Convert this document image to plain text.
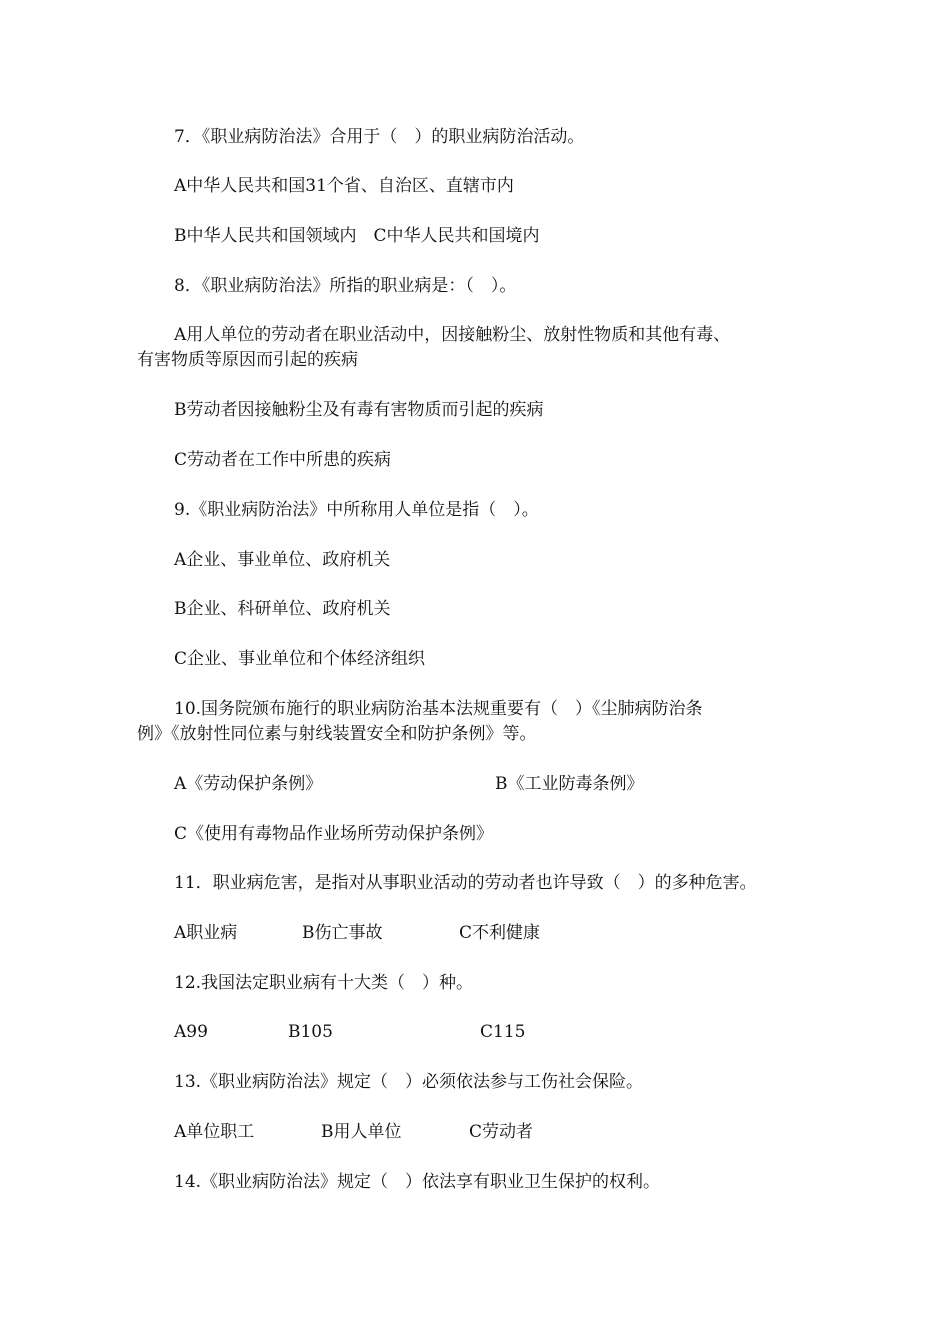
7．《职业病防治法》合用于（　）的职业病防治活动。
A中华人民共和国31个省、自治区、直辖市内
B中华人民共和国领域内　C中华人民共和国境内
8．《职业病防治法》所指的职业病是：（　）。
A用人单位的劳动者在职业活动中，因接触粉尘、放射性物质和其他有毒、
有害物质等原因而引起的疾病
B劳动者因接触粉尘及有毒有害物质而引起的疾病
C劳动者在工作中所患的疾病
9.《职业病防治法》中所称用人单位是指（　）。
A企业、事业单位、政府机关
B企业、科研单位、政府机关
C企业、事业单位和个体经济组织
10.国务院颁布施行的职业病防治基本法规重要有（　）《尘肺病防治条
例》《放射性同位素与射线装置安全和防护条例》等。
A《劳动保护条例》	B《工业防毒条例》
C《使用有毒物品作业场所劳动保护条例》
11．职业病危害，是指对从事职业活动的劳动者也许导致（　）的多种危害。
A职业病	B伤亡事故	C不利健康
12.我国法定职业病有十大类（　）种。
A99	B105	C115
13.《职业病防治法》规定（　）必须依法参与工伤社会保险。
A单位职工	B用人单位	C劳动者
14.《职业病防治法》规定（　）依法享有职业卫生保护的权利。
